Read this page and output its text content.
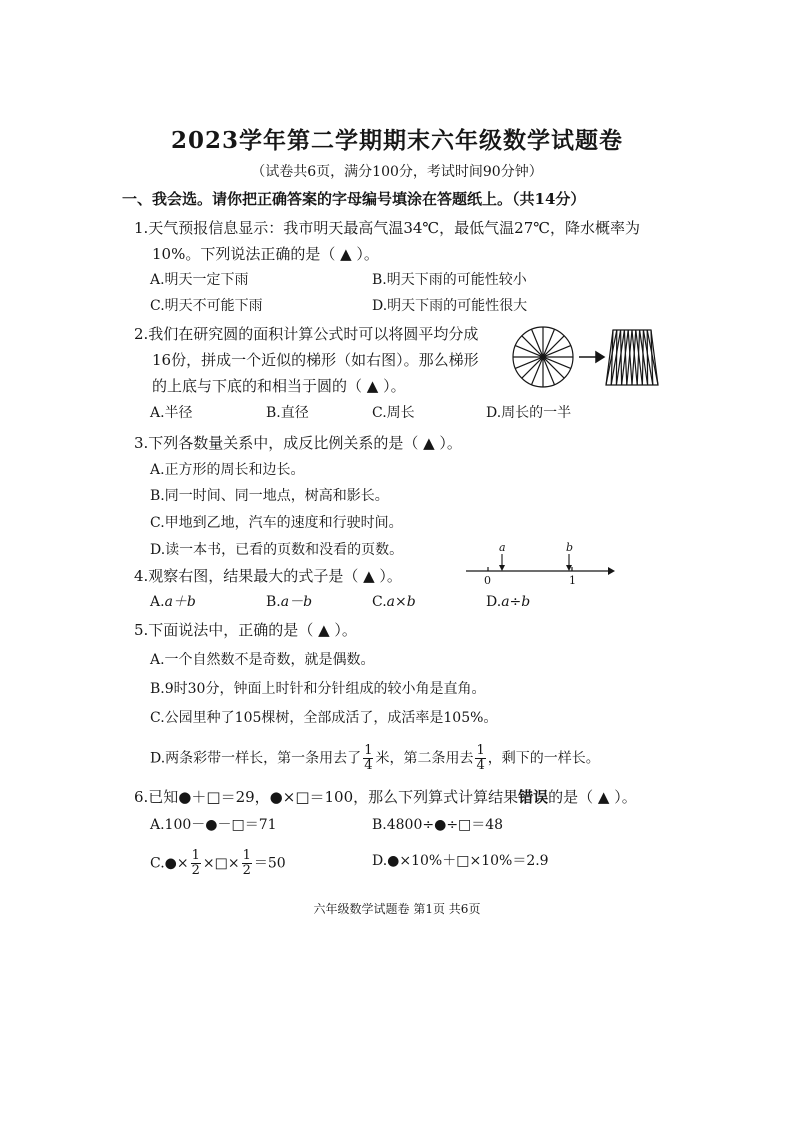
2023学年第二学期期末六年级数学试题卷
（试卷共6页，满分100分，考试时间90分钟）
一、我会选。请你把正确答案的字母编号填涂在答题纸上。（共14分）
1.天气预报信息显示：我市明天最高气温34℃，最低气温27℃，降水概率为
10%。下列说法正确的是（ ▲ ）。
A.明天一定下雨	B.明天下雨的可能性较小
C.明天不可能下雨	D.明天下雨的可能性很大
2.我们在研究圆的面积计算公式时可以将圆平均分成
16份，拼成一个近似的梯形（如右图）。那么梯形
的上底与下底的和相当于圆的（ ▲ ）。
A.半径	B.直径	C.周长	D.周长的一半
3.下列各数量关系中，成反比例关系的是（ ▲ ）。
A.正方形的周长和边长。
B.同一时间、同一地点，树高和影长。
C.甲地到乙地，汽车的速度和行驶时间。
D.读一本书，已看的页数和没看的页数。
4.观察右图，结果最大的式子是（ ▲ ）。
A.a＋b	B.a－b	C.a×b	D.a÷b
a	b
0	1
5.下面说法中，正确的是（ ▲ ）。
A.一个自然数不是奇数，就是偶数。
B.9时30分，钟面上时针和分针组成的较小角是直角。
C.公园里种了105棵树，全部成活了，成活率是105%。
D.两条彩带一样长，第一条用去了 $\frac{1}{4}$ 米，第二条用去 $\frac{1}{4}$ ，剩下的一样长。
6.已知●＋□＝29，●×□＝100，那么下列算式计算结果错误的是（ ▲ ）。
A.100－●－□＝71	B.4800÷●÷□＝48
C.●× $\frac{1}{2}$ ×□× $\frac{1}{2} =50$	D.●×10%＋□×10%＝2.9
六年级数学试题卷 第1页 共6页
